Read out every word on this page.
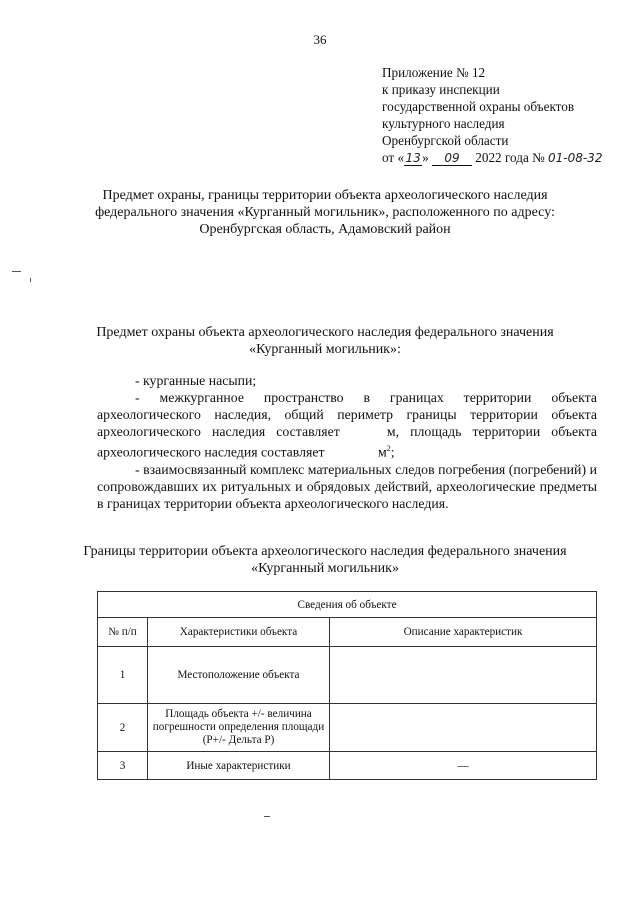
36
Приложение № 12
к приказу инспекции
государственной охраны объектов
культурного наследия
Оренбургской области
от «13» 09 2022 года № 01-08-32
Предмет охраны, границы территории объекта археологического наследия федерального значения «Курганный могильник», расположенного по адресу: Оренбургская область, Адамовский район
Предмет охраны объекта археологического наследия федерального значения «Курганный могильник»:

- курганные насыпи;

- межкурганное пространство в границах территории объекта археологического наследия, общий периметр границы территории объекта археологического наследия составляет	м, площадь территории объекта археологического наследия составляет	$м^2$;

- взаимосвязанный комплекс материальных следов погребения (погребений) и сопровождавших их ритуальных и обрядовых действий, археологические предметы в границах территории объекта археологического наследия.

Границы территории объекта археологического наследия федерального значения «Курганный могильник»
Сведения об объекте		
№ п/п	Характеристики объекта	Описание характеристик
1	Местоположение объекта	
2	Площадь объекта +/- величина погрешности определения площади (Р+/- Дельта Р)	
3	Иные характеристики	—
